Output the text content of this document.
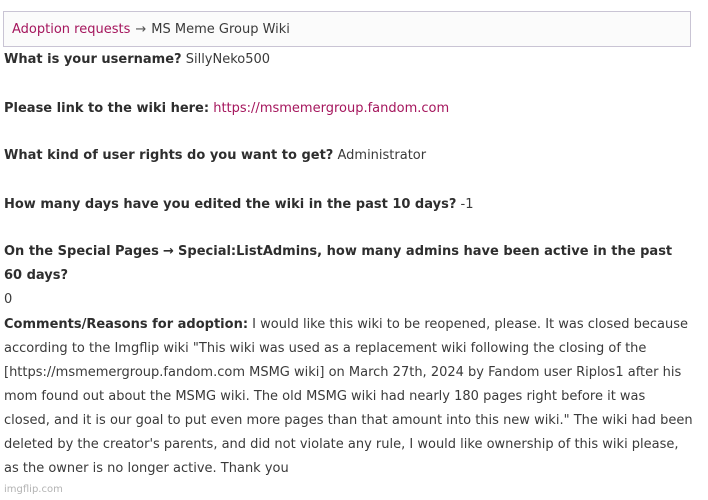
Adoption requests → MS Meme Group Wiki
What is your username? SillyNeko500
Please link to the wiki here: https://msmemergroup.fandom.com
What kind of user rights do you want to get? Administrator
How many days have you edited the wiki in the past 10 days? -1
On the Special Pages → Special:ListAdmins, how many admins have been active in the past 60 days?
0
Comments/Reasons for adoption: I would like this wiki to be reopened, please. It was closed because according to the Imgflip wiki "This wiki was used as a replacement wiki following the closing of the [https://msmemergroup.fandom.com MSMG wiki] on March 27th, 2024 by Fandom user Riplos1 after his mom found out about the MSMG wiki. The old MSMG wiki had nearly 180 pages right before it was closed, and it is our goal to put even more pages than that amount into this new wiki." The wiki had been deleted by the creator's parents, and did not violate any rule, I would like ownership of this wiki please, as the owner is no longer active. Thank you
imgflip.com
